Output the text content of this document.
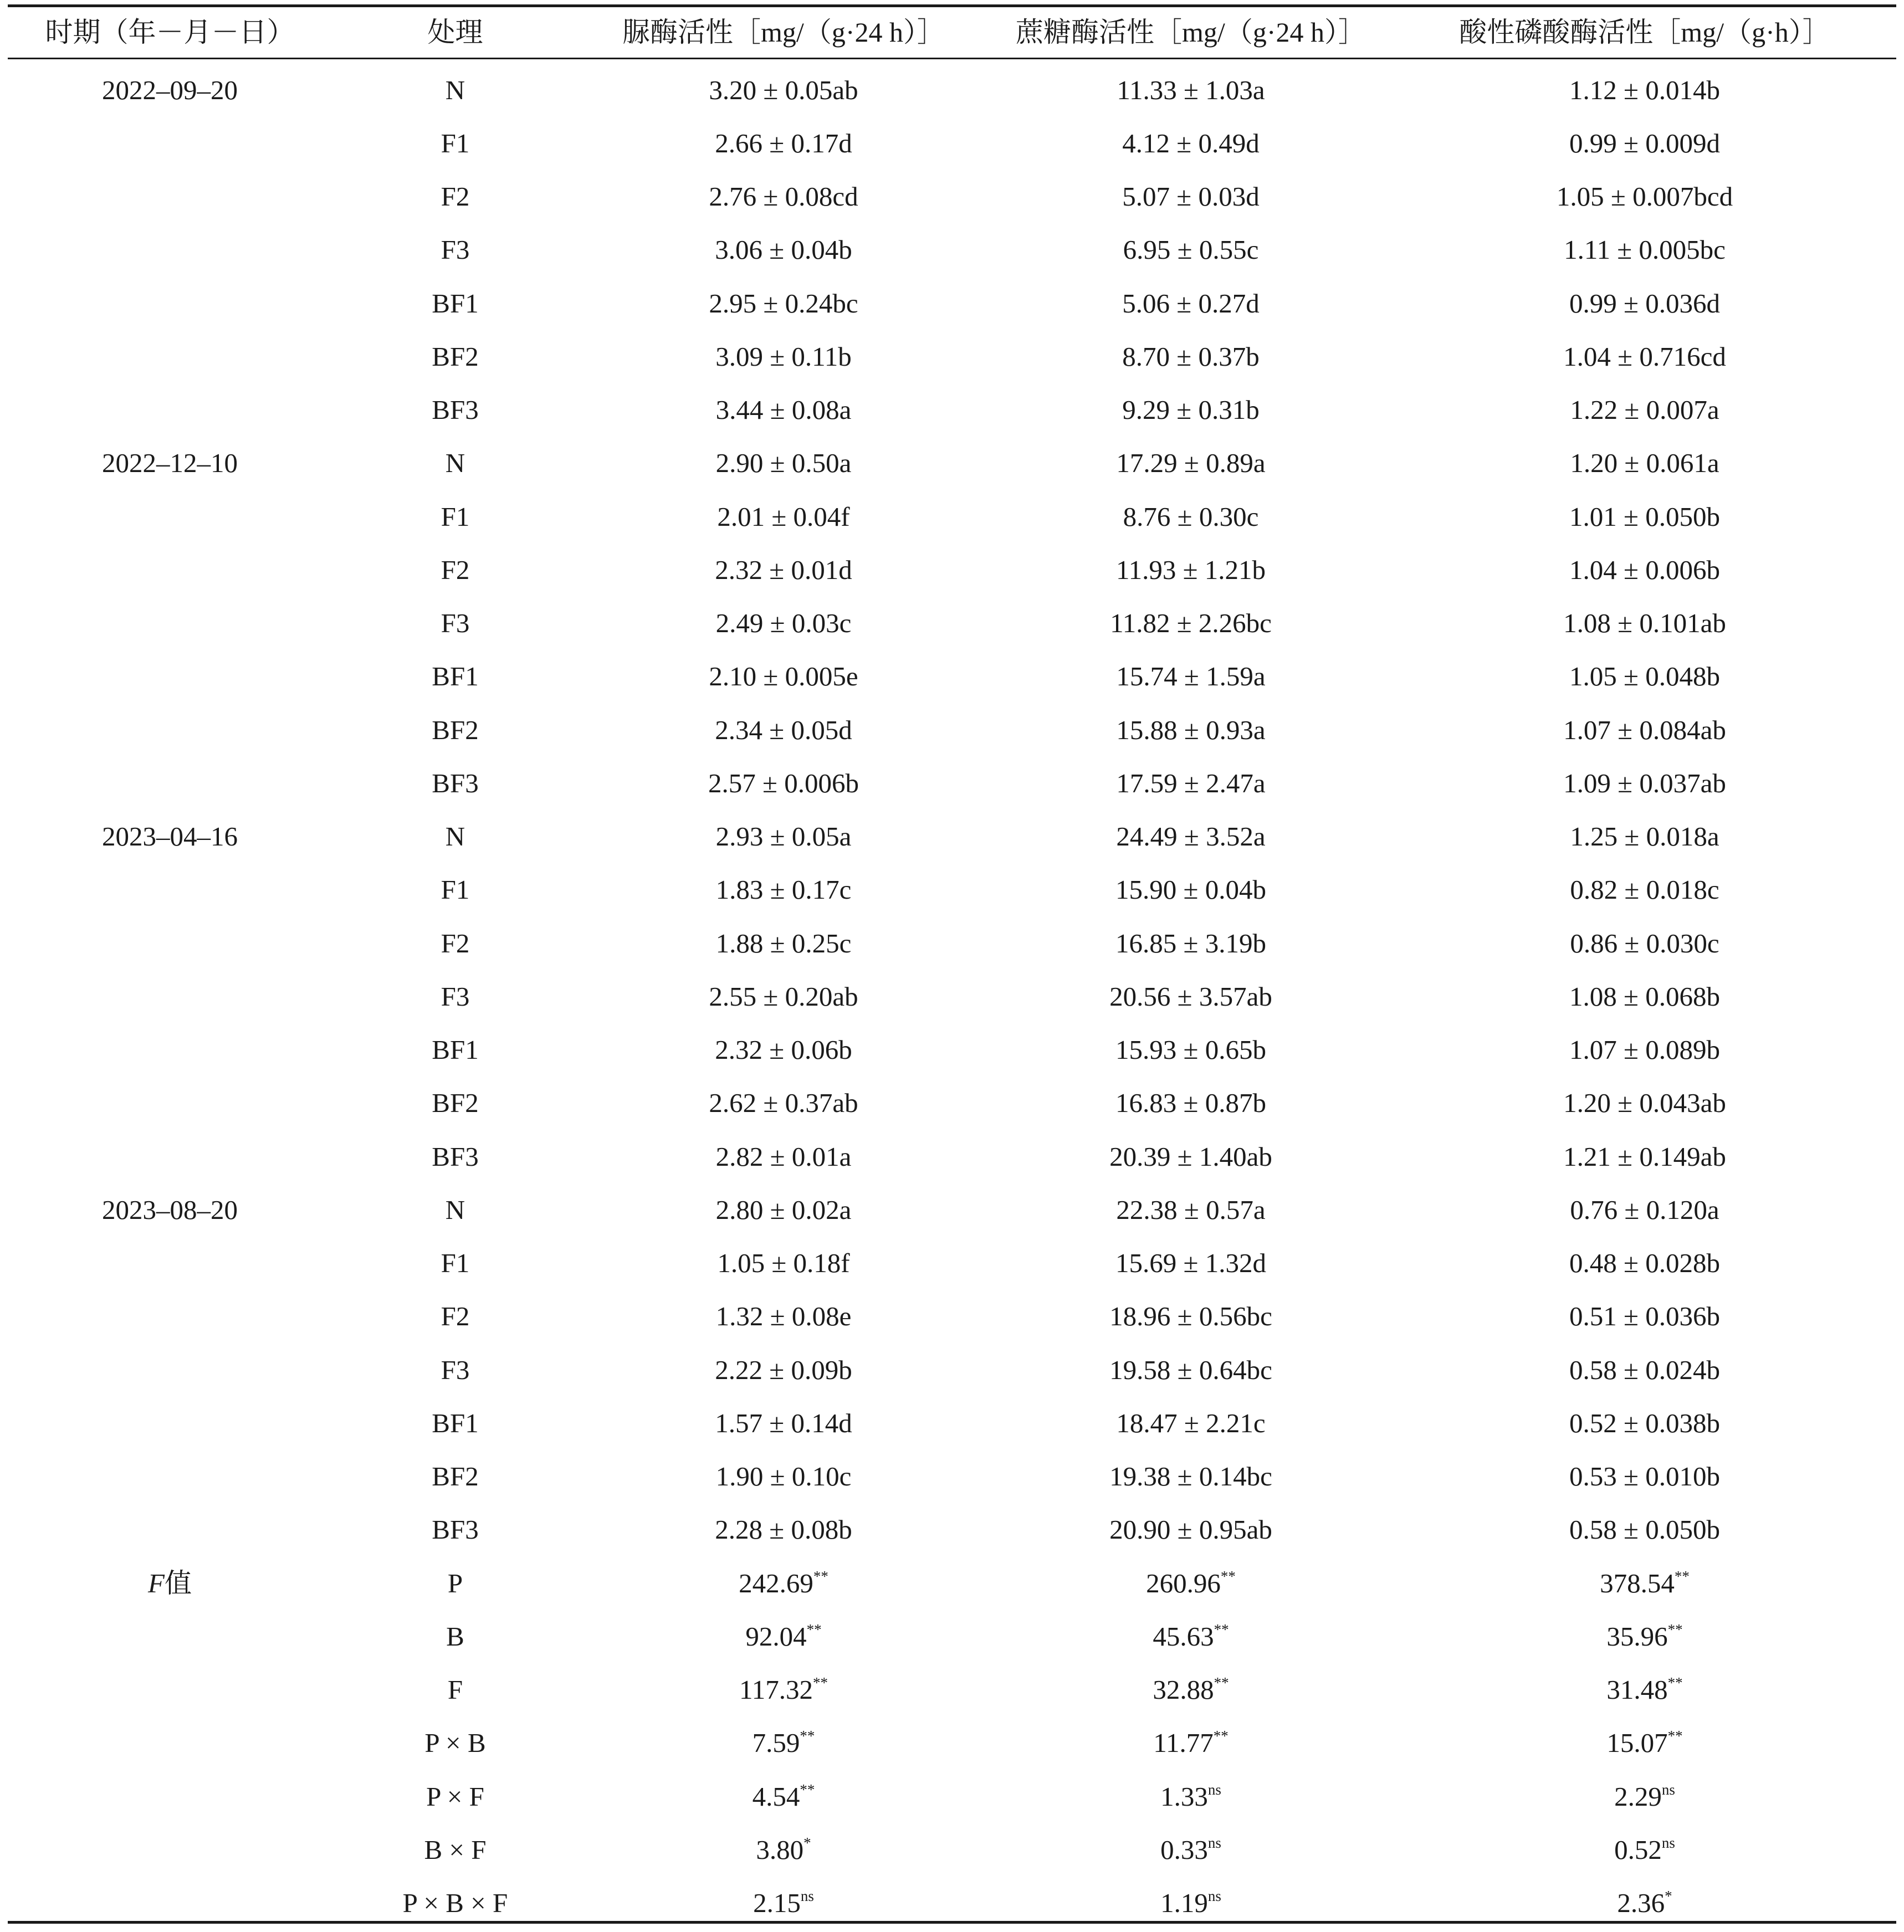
时期（年－月－日）	处理	脲酶活性［mg/（g·24 h）］	蔗糖酶活性［mg/（g·24 h）］	酸性磷酸酶活性［mg/（g·h）］
2022–09–20	N	3.20 ± 0.05ab	11.33 ± 1.03a	1.12 ± 0.014b
	F1	2.66 ± 0.17d	4.12 ± 0.49d	0.99 ± 0.009d
	F2	2.76 ± 0.08cd	5.07 ± 0.03d	1.05 ± 0.007bcd
	F3	3.06 ± 0.04b	6.95 ± 0.55c	1.11 ± 0.005bc
	BF1	2.95 ± 0.24bc	5.06 ± 0.27d	0.99 ± 0.036d
	BF2	3.09 ± 0.11b	8.70 ± 0.37b	1.04 ± 0.716cd
	BF3	3.44 ± 0.08a	9.29 ± 0.31b	1.22 ± 0.007a
2022–12–10	N	2.90 ± 0.50a	17.29 ± 0.89a	1.20 ± 0.061a
	F1	2.01 ± 0.04f	8.76 ± 0.30c	1.01 ± 0.050b
	F2	2.32 ± 0.01d	11.93 ± 1.21b	1.04 ± 0.006b
	F3	2.49 ± 0.03c	11.82 ± 2.26bc	1.08 ± 0.101ab
	BF1	2.10 ± 0.005e	15.74 ± 1.59a	1.05 ± 0.048b
	BF2	2.34 ± 0.05d	15.88 ± 0.93a	1.07 ± 0.084ab
	BF3	2.57 ± 0.006b	17.59 ± 2.47a	1.09 ± 0.037ab
2023–04–16	N	2.93 ± 0.05a	24.49 ± 3.52a	1.25 ± 0.018a
	F1	1.83 ± 0.17c	15.90 ± 0.04b	0.82 ± 0.018c
	F2	1.88 ± 0.25c	16.85 ± 3.19b	0.86 ± 0.030c
	F3	2.55 ± 0.20ab	20.56 ± 3.57ab	1.08 ± 0.068b
	BF1	2.32 ± 0.06b	15.93 ± 0.65b	1.07 ± 0.089b
	BF2	2.62 ± 0.37ab	16.83 ± 0.87b	1.20 ± 0.043ab
	BF3	2.82 ± 0.01a	20.39 ± 1.40ab	1.21 ± 0.149ab
2023–08–20	N	2.80 ± 0.02a	22.38 ± 0.57a	0.76 ± 0.120a
	F1	1.05 ± 0.18f	15.69 ± 1.32d	0.48 ± 0.028b
	F2	1.32 ± 0.08e	18.96 ± 0.56bc	0.51 ± 0.036b
	F3	2.22 ± 0.09b	19.58 ± 0.64bc	0.58 ± 0.024b
	BF1	1.57 ± 0.14d	18.47 ± 2.21c	0.52 ± 0.038b
	BF2	1.90 ± 0.10c	19.38 ± 0.14bc	0.53 ± 0.010b
	BF3	2.28 ± 0.08b	20.90 ± 0.95ab	0.58 ± 0.050b
F值	P	242.69**	260.96**	378.54**
	B	92.04**	45.63**	35.96**
	F	117.32**	32.88**	31.48**
	P × B	7.59**	11.77**	15.07**
	P × F	4.54**	$1.33^{ns}$	$2.29^{ns}$
	B × F	3.80*	$0.33^{ns}$	$0.52^{ns}$
	P × B × F	$2.15^{ns}$	$1.19^{ns}$	2.36*
